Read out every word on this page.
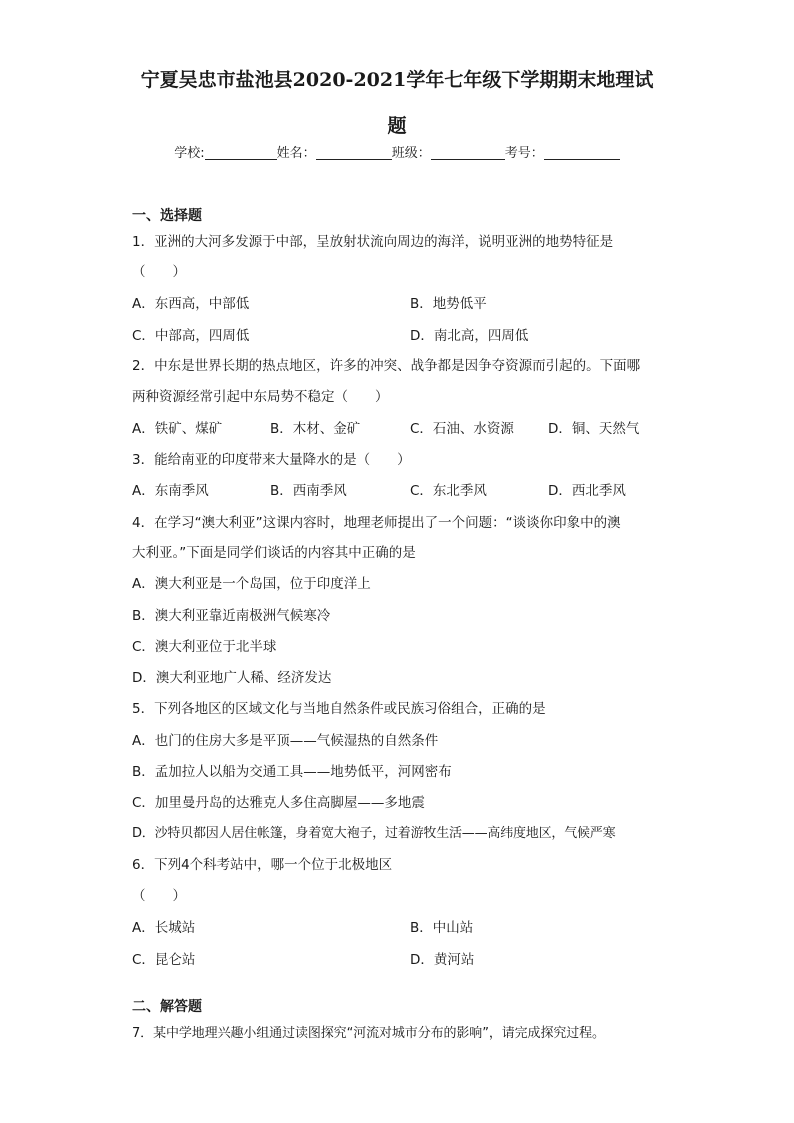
宁夏吴忠市盐池县2020-2021学年七年级下学期期末地理试
题
学校:	姓名：	班级：	考号：
一、选择题
1．亚洲的大河多发源于中部，呈放射状流向周边的海洋，说明亚洲的地势特征是
（　　）
A．东西高，中部低	B．地势低平
C．中部高，四周低	D．南北高，四周低
2．中东是世界长期的热点地区，许多的冲突、战争都是因争夺资源而引起的。下面哪
两种资源经常引起中东局势不稳定（　　）
A．铁矿、煤矿	B．木材、金矿	C．石油、水资源	D．铜、天然气
3．能给南亚的印度带来大量降水的是（　　）
A．东南季风	B．西南季风	C．东北季风	D．西北季风
4．在学习“澳大利亚”这课内容时，地理老师提出了一个问题：“谈谈你印象中的澳
大利亚。”下面是同学们谈话的内容其中正确的是
A．澳大利亚是一个岛国，位于印度洋上
B．澳大利亚靠近南极洲气候寒冷
C．澳大利亚位于北半球
D．澳大利亚地广人稀、经济发达
5．下列各地区的区域文化与当地自然条件或民族习俗组合，正确的是
A．也门的住房大多是平顶——气候湿热的自然条件
B．孟加拉人以船为交通工具——地势低平，河网密布
C．加里曼丹岛的达雅克人多住高脚屋——多地震
D．沙特贝都因人居住帐篷，身着宽大袍子，过着游牧生活——高纬度地区，气候严寒
6．下列4个科考站中，哪一个位于北极地区
（　　）
A．长城站	B．中山站
C．昆仑站	D．黄河站
二、解答题
7．某中学地理兴趣小组通过读图探究“河流对城市分布的影响”，请完成探究过程。
